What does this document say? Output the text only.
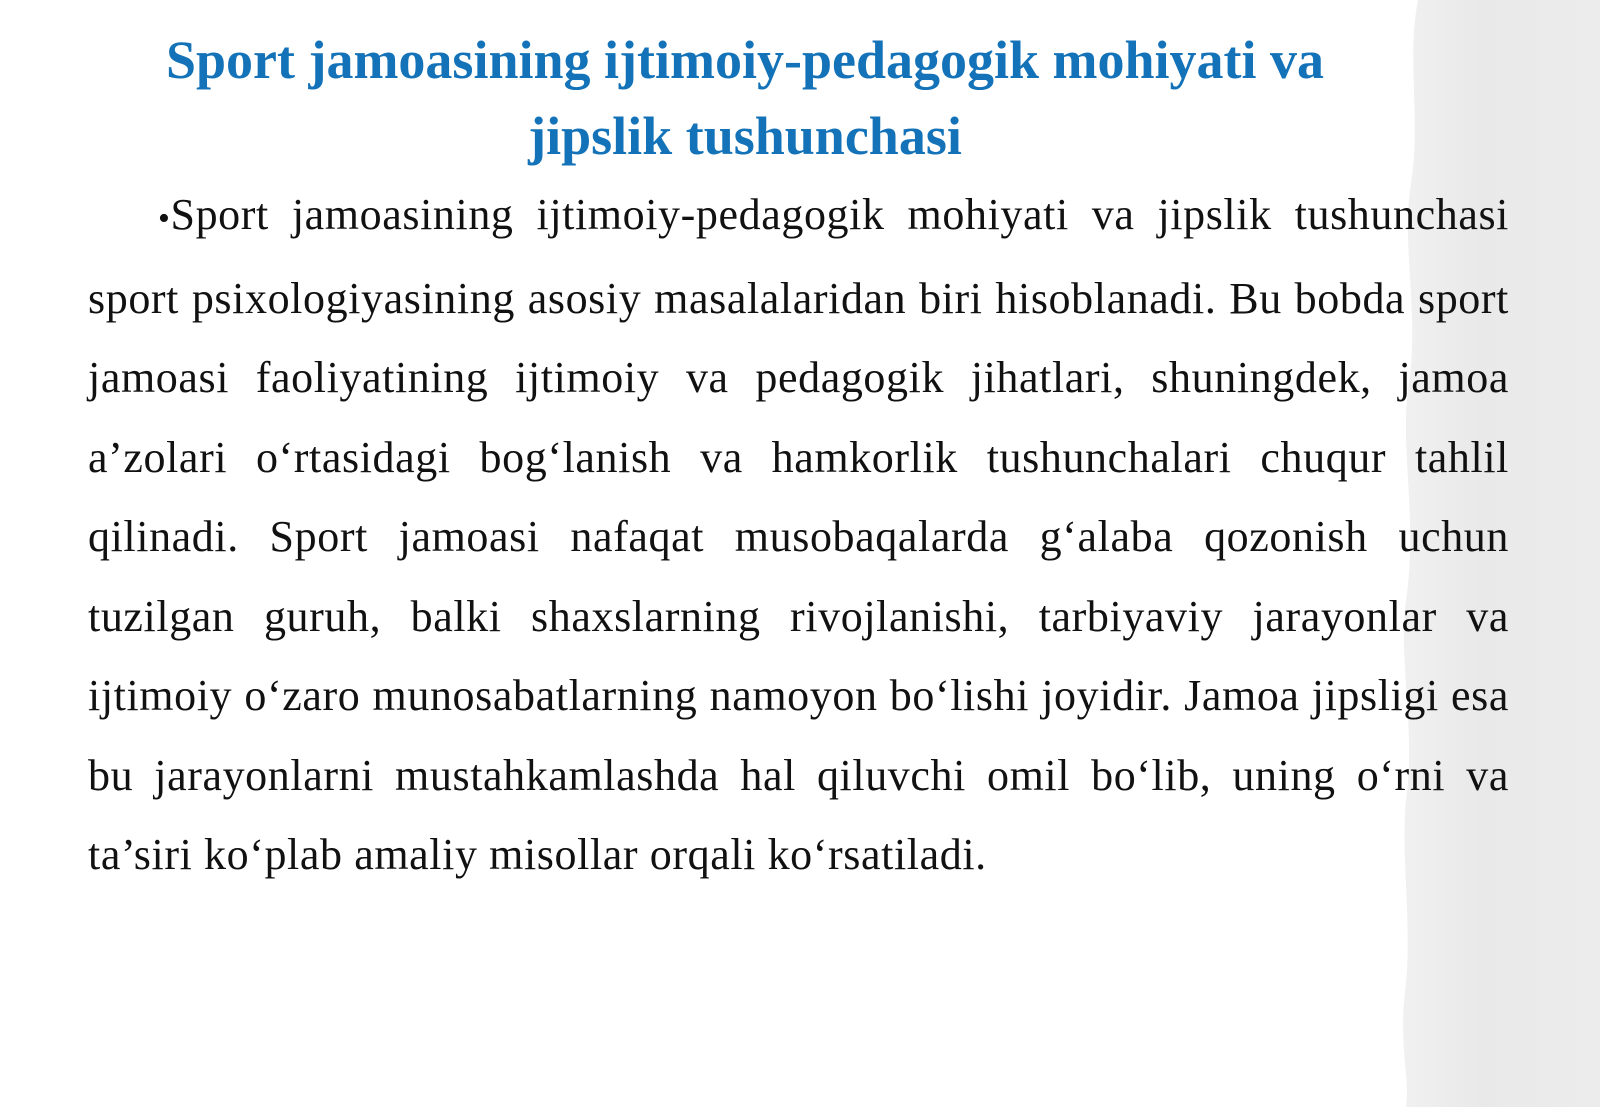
Sport jamoasining ijtimoiy-pedagogik mohiyati va jipslik tushunchasi

•Sport jamoasining ijtimoiy-pedagogik mohiyati va jipslik tushunchasi sport psixologiyasining asosiy masalalaridan biri hisoblanadi. Bu bobda sport jamoasi faoliyatining ijtimoiy va pedagogik jihatlari, shuningdek, jamoa a’zolari o‘rtasidagi bog‘lanish va hamkorlik tushunchalari chuqur tahlil qilinadi. Sport jamoasi nafaqat musobaqalarda g‘alaba qozonish uchun tuzilgan guruh, balki shaxslarning rivojlanishi, tarbiyaviy jarayonlar va ijtimoiy o‘zaro munosabatlarning namoyon bo‘lishi joyidir. Jamoa jipsligi esa bu jarayonlarni mustahkamlashda hal qiluvchi omil bo‘lib, uning o‘rni va ta’siri ko‘plab amaliy misollar orqali ko‘rsatiladi.
